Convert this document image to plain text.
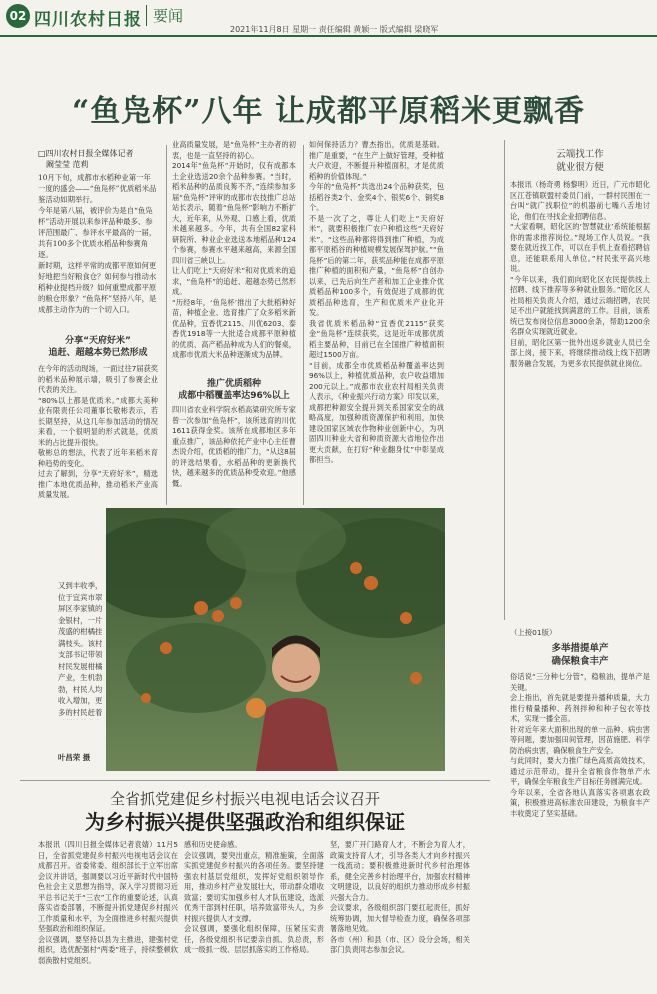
02 四川农村日报 要闻
2021年11月8日 星期一 责任编辑 黄颖一 版式编辑 梁晓军
“鱼凫杯”八年 让成都平原稻米更飘香
□四川农村日报全媒体记者
　阚莹莹 范莉
10月下旬，成都市水稻种业第一年一度的盛会——“鱼凫杯”优质稻米品鉴活动如期举行。
今年是第八届，被评价为是自“鱼凫杯”活动开展以来参评品种最多、参评范围最广、参评水平最高的一届，共有100多个优质水稻品种参赛角逐。
新时期，这样平常的成都平原如何更好地把当好粮食仓？如何参与推动水稻种业提档升级？如何重塑成都平原的粮仓形象？“鱼凫杯”坚持八年，是成都主动作为的一个切入口。
分享“天府好米”
追赶、超越本势已然形成
在今年的活动现场，一面过往7届获奖的稻米品种展示墙，吸引了参赛企业代表的关注。
“80%以上都是优质米。”成都大美种业有限责任公司董事长敬彬表示，若长期坚持，从这几年参加活动的情况来看，一个很明显的形式就是，优质米的占比提升很快。
敬彬总的想法，代表了近年来稻米育种趋势的变化。
过去了解到，分享“天府好米”，精选推广本地优质品种，推动稻米产业高质量发展。
业高质量发展，是“鱼凫杯”主办者的初衷，也是一直坚持的初心。
2014年“鱼凫杯”开始时，仅有成都本土企业选送20余个品种参赛。“当时，稻米品种的品质良莠不齐，”连续参加多届“鱼凫杯”评审的成都市农技推广总站站长表示，随着“鱼凫杯”影响力不断扩大，近年来，从外观、口感上看，优质米越来越多。今年，共有全国82家科研院所、种业企业选送本地稻品种124个参赛，参赛水平越来越高，来源全国四川省三峡以上。
让人们吃上“天府好米”和对优质米的追求，“鱼凫杯”的追赶、超越态势已然形成。
“历经8年，‘鱼凫杯’推出了大批稻种好苗，种植企业、选育推广了众多稻米新优品种，宜香优2115、川优6203、泰香优1918等一大批适合成都平原种植的优质、高产稻品种成为人们的餐桌，成都市优质大米品种逐渐成为品牌。
推广优质稻种
成都中稻覆盖率达96%以上
四川省农业科学院水稻高粱研究所专家曾一次参加“鱼凫杯”，该所选育的川优1611获得金奖。该所在成都地区多年重点推广，该品种依托产业中心主任曹杰说介绍，优质稻的推广力，“从这8届的评选结果看，水稻品种的更新换代快，越来越多的优质品种受欢迎。”他感慨。
如何保持活力？曹杰指出，优质是基础。推广是重要，“在生产上做好管理，受种植大户欢迎，不断提升种植面积，才是优质稻种的价值体现。”
今年的“鱼凫杯”共选出24个品种获奖，包括稻谷类2个、金奖4个、银奖6个、铜奖8个。
不是一次了之，尊让人们吃上“天府好米”，就要积极推广农户种植这些“天府好米”。“这些品种都将得到推广种植，为成都平原稻谷的种植规模发展保驾护航。”“鱼凫杯”后的第二年，获奖品种能在成都平原推广种植的面积和产量，“鱼凫杯”自创办以来，已先后向生产者和加工企业推介优质稻品种100多个，有效促进了成都的优质稻品种选育，生产和优质米产业化开发。
我省优质米稻品种“宜香优2115”获奖金“鱼凫杯”连续获奖，这是近年成都优质稻主要品种，目前已在全国推广种植面积超过1500万亩。
“目前，成都全市优质稻品种覆盖率达到96%以上，种植优质品种，农户收益增加200元以上。”成都市农业农村局相关负责人表示，《种业振兴行动方案》印发以来，成都把种源安全提升到关系国家安全的战略高度，加强种质资源保护和利用，加快建设国家区域农作物种业创新中心，为巩固四川种业大省和种质资源大省地位作出更大贡献，在打好“种业翻身仗”中彰显成都担当。
云端找工作
就业很方便
本报讯（杨奇勇 杨黎明）近日，广元市昭化区江苍镇联盟村委员门前，一群村民围在一台叫“就广找职位”的机器前七嘴八舌地讨论，他们在寻找企业招聘信息。
“大家看啊，昭化区的‘智慧就业’系统能根据你的需求推荐岗位。”现场工作人员说。“我要在就近找工作，可以在手机上查看招聘信息，还能联系用人单位。”村民张平高兴地说。
“今年以来，我们面向昭化区农民提供线上招聘、线下推荐等多种就业服务。”昭化区人社局相关负责人介绍，通过云端招聘，农民足不出户就能找到满意的工作。目前，该系统已发布岗位信息3000余条，帮助1200余名群众实现就近就业。
目前，昭化区第一批外出返乡就业人员已全部上岗，接下来，将继续推动线上线下招聘服务融合发展，为更多农民提供就业岗位。
（上接01版）
多举措提单产
确保粮食丰产
俗话说“三分种七分管”，稳粮油，提单产是关键。
会上指出，首先就是要提升播种质量，大力推行精量播种、药剂拌种和种子包衣等技术，实现一播全苗。
针对近年来大面积出现的单一品种、病虫害等问题，要加强田间管理，因苗施肥、科学防治病虫害，确保粮食生产安全。
与此同时，要大力推广绿色高质高效技术，通过示范带动，提升全省粮食作物单产水平，确保全年粮食生产目标任务圆满完成。
今年以来，全省各地认真落实各项惠农政策，积极推进高标准农田建设，为粮食丰产丰收奠定了坚实基础。
又到丰收季，位于宜宾市翠屏区李家镇的金银村，一片茂盛的柑橘挂满枝头。该村支部书记带领村民发展柑橘产业，生机勃勃，村民人均收入增加，更多的村民赶着
叶昌荣 摄
全省抓党建促乡村振兴电视电话会议召开
为乡村振兴提供坚强政治和组织保证
本报讯（四川日报全媒体记者袁婧）11月5日，全省抓党建促乡村振兴电视电话会议在成都召开。省委常委、组织部长于立军出席会议并讲话，强调要以习近平新时代中国特色社会主义思想为指导，深入学习贯彻习近平总书记关于“三农”工作的重要论述，认真落实省委部署，不断提升抓党建促乡村振兴工作质量和水平，为全面推进乡村振兴提供坚强政治和组织保证。
会议强调，要坚持以县为主推进，建强村党组织，选优配强村“两委”班子，持续整顿软弱涣散村党组织。
感和历史使命感。
会议强调，要突出重点，精准施策，全面落实抓党建促乡村振兴的各项任务。要坚持建强农村基层党组织，发挥好党组织领导作用，推动乡村产业发展壮大，带动群众增收致富；要切实加强乡村人才队伍建设，选派优秀干部到村任职，培养致富带头人，为乡村振兴提供人才支撑。
会议强调，要强化组织保障，压紧压实责任，各级党组织书记要亲自抓、负总责，形成一级抓一级、层层抓落实的工作格局。
坚，要广开门路育人才，不断会为育人才，政策支持育人才，引导各类人才向乡村振兴一线流动；要积极推进新时代乡村治理体系，健全完善乡村治理平台，加强农村精神文明建设，以良好的组织力推动形成乡村振兴强大合力。
会议要求，各级组织部门要扛起责任，抓好统筹协调，加大督导检查力度，确保各项部署落地见效。
各市（州）和县（市、区）设分会场，相关部门负责同志参加会议。
